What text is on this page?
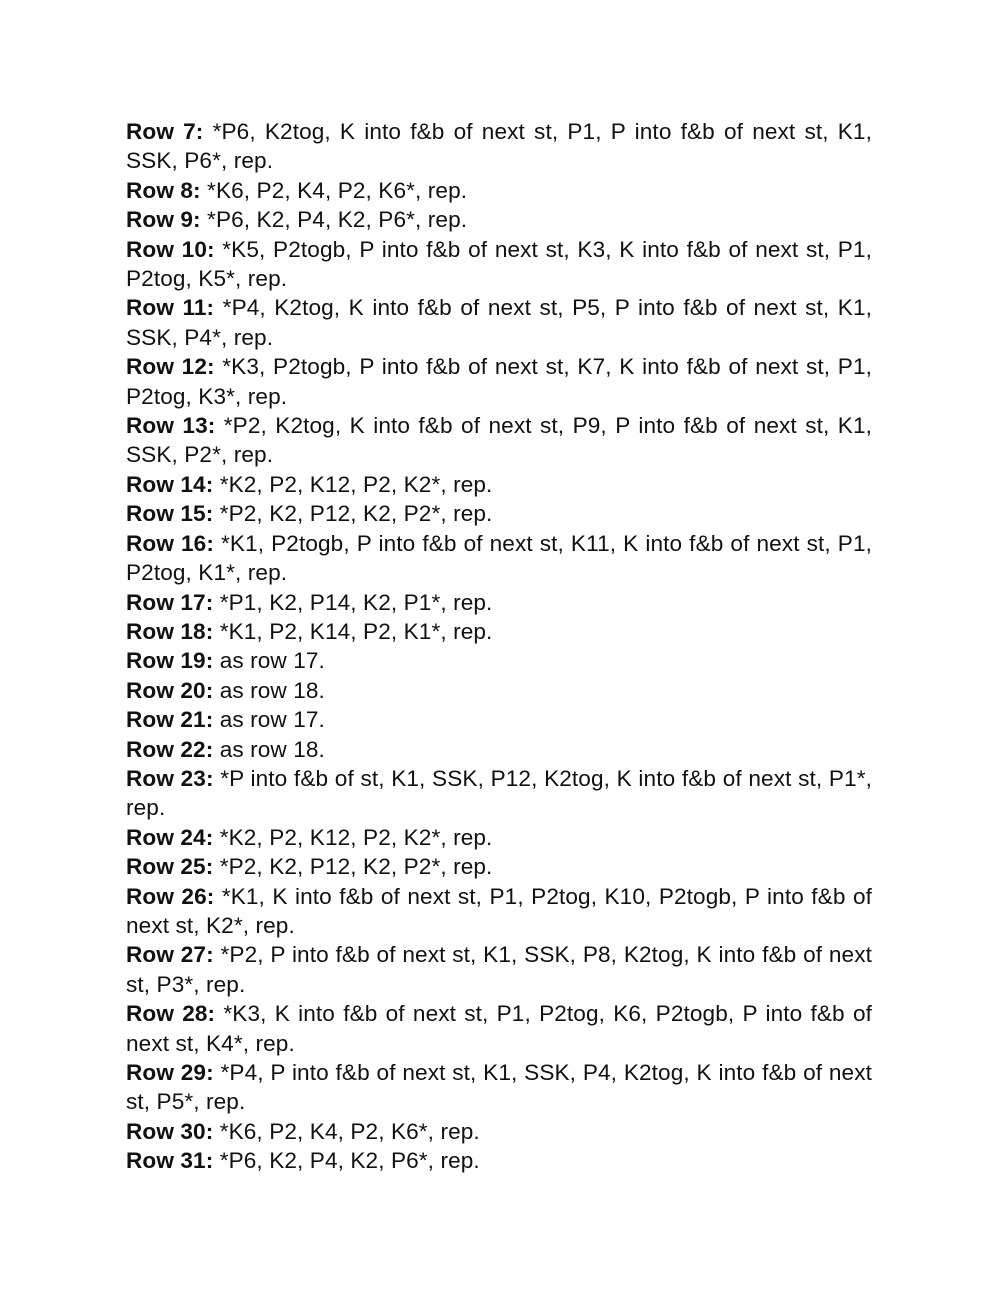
Row 7: *P6, K2tog, K into f&b of next st, P1, P into f&b of next st, K1, SSK, P6*, rep.

Row 8: *K6, P2, K4, P2, K6*, rep.

Row 9: *P6, K2, P4, K2, P6*, rep.

Row 10: *K5, P2togb, P into f&b of next st, K3, K into f&b of next st, P1, P2tog, K5*, rep.

Row 11: *P4, K2tog, K into f&b of next st, P5, P into f&b of next st, K1, SSK, P4*, rep.

Row 12: *K3, P2togb, P into f&b of next st, K7, K into f&b of next st, P1, P2tog, K3*, rep.

Row 13: *P2, K2tog, K into f&b of next st, P9, P into f&b of next st, K1, SSK, P2*, rep.

Row 14: *K2, P2, K12, P2, K2*, rep.

Row 15: *P2, K2, P12, K2, P2*, rep.

Row 16: *K1, P2togb, P into f&b of next st, K11, K into f&b of next st, P1, P2tog, K1*, rep.

Row 17: *P1, K2, P14, K2, P1*, rep.

Row 18: *K1, P2, K14, P2, K1*, rep.

Row 19: as row 17.

Row 20: as row 18.

Row 21: as row 17.

Row 22: as row 18.

Row 23: *P into f&b of st, K1, SSK, P12, K2tog, K into f&b of next st, P1*, rep.

Row 24: *K2, P2, K12, P2, K2*, rep.

Row 25: *P2, K2, P12, K2, P2*, rep.

Row 26: *K1, K into f&b of next st, P1, P2tog, K10, P2togb, P into f&b of next st, K2*, rep.

Row 27: *P2, P into f&b of next st, K1, SSK, P8, K2tog, K into f&b of next st, P3*, rep.

Row 28: *K3, K into f&b of next st, P1, P2tog, K6, P2togb, P into f&b of next st, K4*, rep.

Row 29: *P4, P into f&b of next st, K1, SSK, P4, K2tog, K into f&b of next st, P5*, rep.

Row 30: *K6, P2, K4, P2, K6*, rep.

Row 31: *P6, K2, P4, K2, P6*, rep.
